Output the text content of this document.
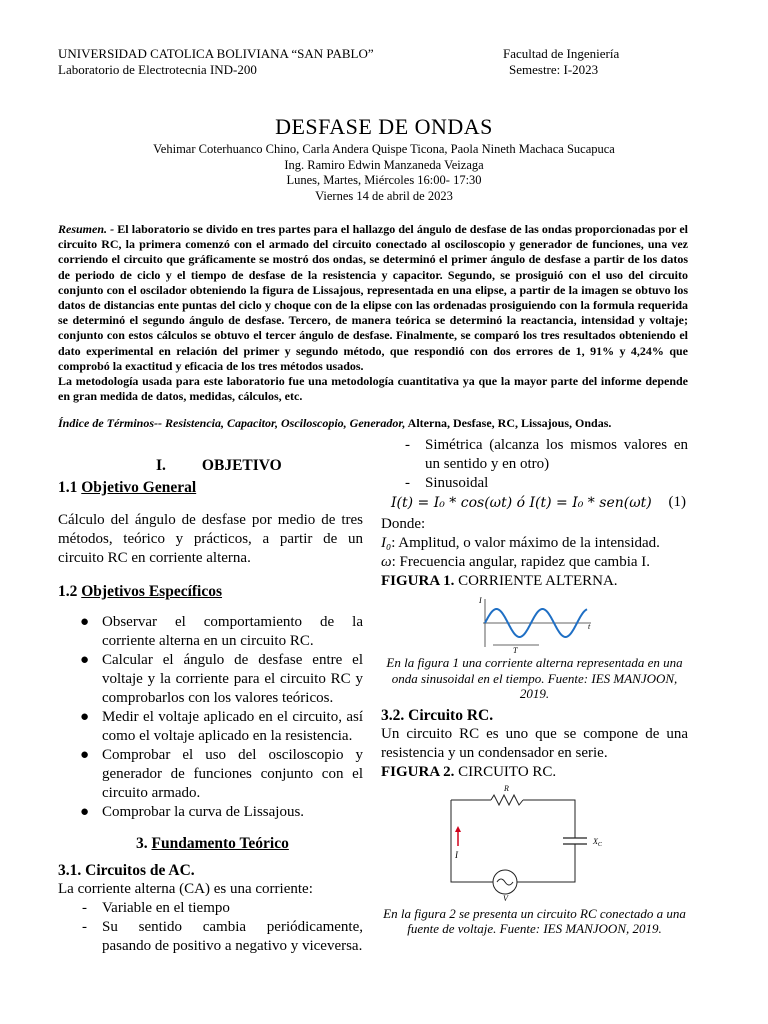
UNIVERSIDAD CATOLICA BOLIVIANA “SAN PABLO”
Laboratorio de Electrotecnia IND-200
Facultad de Ingeniería
Semestre: I-2023
DESFASE DE ONDAS
Vehimar Coterhuanco Chino, Carla Andera Quispe Ticona, Paola Nineth Machaca Sucapuca
Ing. Ramiro Edwin Manzaneda Veizaga
Lunes, Martes, Miércoles 16:00- 17:30
Viernes 14 de abril de 2023
Resumen. - El laboratorio se divido en tres partes para el hallazgo del ángulo de desfase de las ondas proporcionadas por el circuito RC, la primera comenzó con el armado del circuito conectado al osciloscopio y generador de funciones, una vez corriendo el circuito que gráficamente se mostró dos ondas, se determinó el primer ángulo de desfase a partir de los datos de periodo de ciclo y el tiempo de desfase de la resistencia y capacitor. Segundo, se prosiguió con el uso del circuito conjunto con el oscilador obteniendo la figura de Lissajous, representada en una elipse, a partir de la imagen se obtuvo los datos de distancias ente puntas del ciclo y choque con de la elipse con las ordenadas prosiguiendo con la formula requerida se determinó el segundo ángulo de desfase. Tercero, de manera teórica se determinó la reactancia, intensidad y voltaje; conjunto con estos cálculos se obtuvo el tercer ángulo de desfase. Finalmente, se comparó los tres resultados obteniendo el dato experimental en relación del primer y segundo método, que respondió con dos errores de 1, 91% y 4,24% que comprobó la exactitud y eficacia de los tres métodos usados.
La metodología usada para este laboratorio fue una metodología cuantitativa ya que la mayor parte del informe depende en gran medida de datos, medidas, cálculos, etc.
Índice de Términos-- Resistencia, Capacitor, Osciloscopio, Generador, Alterna, Desfase, RC, Lissajous, Ondas.
I. OBJETIVO
1.1 Objetivo General
Cálculo del ángulo de desfase por medio de tres métodos, teórico y prácticos, a partir de un circuito RC en corriente alterna.
1.2 Objetivos Específicos
● Observar el comportamiento de la corriente alterna en un circuito RC.
● Calcular el ángulo de desfase entre el voltaje y la corriente para el circuito RC y comprobarlos con los valores teóricos.
● Medir el voltaje aplicado en el circuito, así como el voltaje aplicado en la resistencia.
● Comprobar el uso del osciloscopio y generador de funciones conjunto con el circuito armado.
● Comprobar la curva de Lissajous.
3. Fundamento Teórico
3.1. Circuitos de AC.
La corriente alterna (CA) es una corriente:
- Variable en el tiempo
- Su sentido cambia periódicamente, pasando de positivo a negativo y viceversa.
- Simétrica (alcanza los mismos valores en un sentido y en otro)
- Sinusoidal
I(t) = I₀ * cos(ωt) ó I(t) = I₀ * sen(ωt) (1)
Donde:
I₀: Amplitud, o valor máximo de la intensidad.
ω: Frecuencia angular, rapidez que cambia I.
FIGURA 1. CORRIENTE ALTERNA.
I
t
T
En la figura 1 una corriente alterna representada en una onda sinusoidal en el tiempo. Fuente: IES MANJOON, 2019.
3.2. Circuito RC.
Un circuito RC es uno que se compone de una resistencia y un condensador en serie.
FIGURA 2. CIRCUITO RC.
R
I
$X_C$
V
En la figura 2 se presenta un circuito RC conectado a una fuente de voltaje. Fuente: IES MANJOON, 2019.
